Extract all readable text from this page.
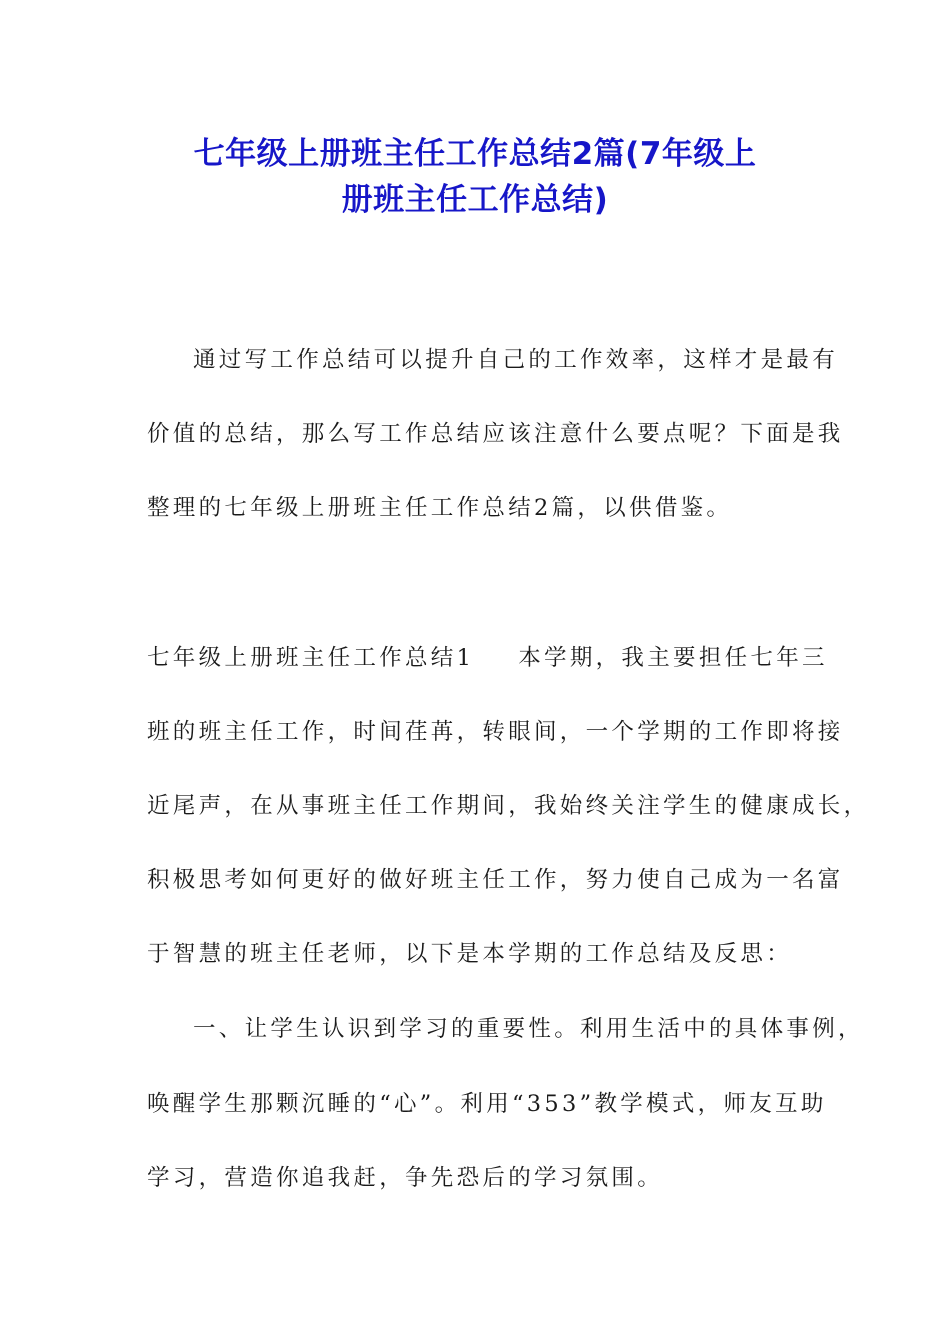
七年级上册班主任工作总结2篇(7年级上
册班主任工作总结)
通过写工作总结可以提升自己的工作效率，这样才是最有
价值的总结，那么写工作总结应该注意什么要点呢？下面是我
整理的七年级上册班主任工作总结2篇，以供借鉴。
七年级上册班主任工作总结1 本学期，我主要担任七年三
班的班主任工作，时间荏苒，转眼间，一个学期的工作即将接
近尾声，在从事班主任工作期间，我始终关注学生的健康成长，
积极思考如何更好的做好班主任工作，努力使自己成为一名富
于智慧的班主任老师，以下是本学期的工作总结及反思：
一、让学生认识到学习的重要性。利用生活中的具体事例，
唤醒学生那颗沉睡的“心”。利用“353”教学模式，师友互助
学习，营造你追我赶，争先恐后的学习氛围。
